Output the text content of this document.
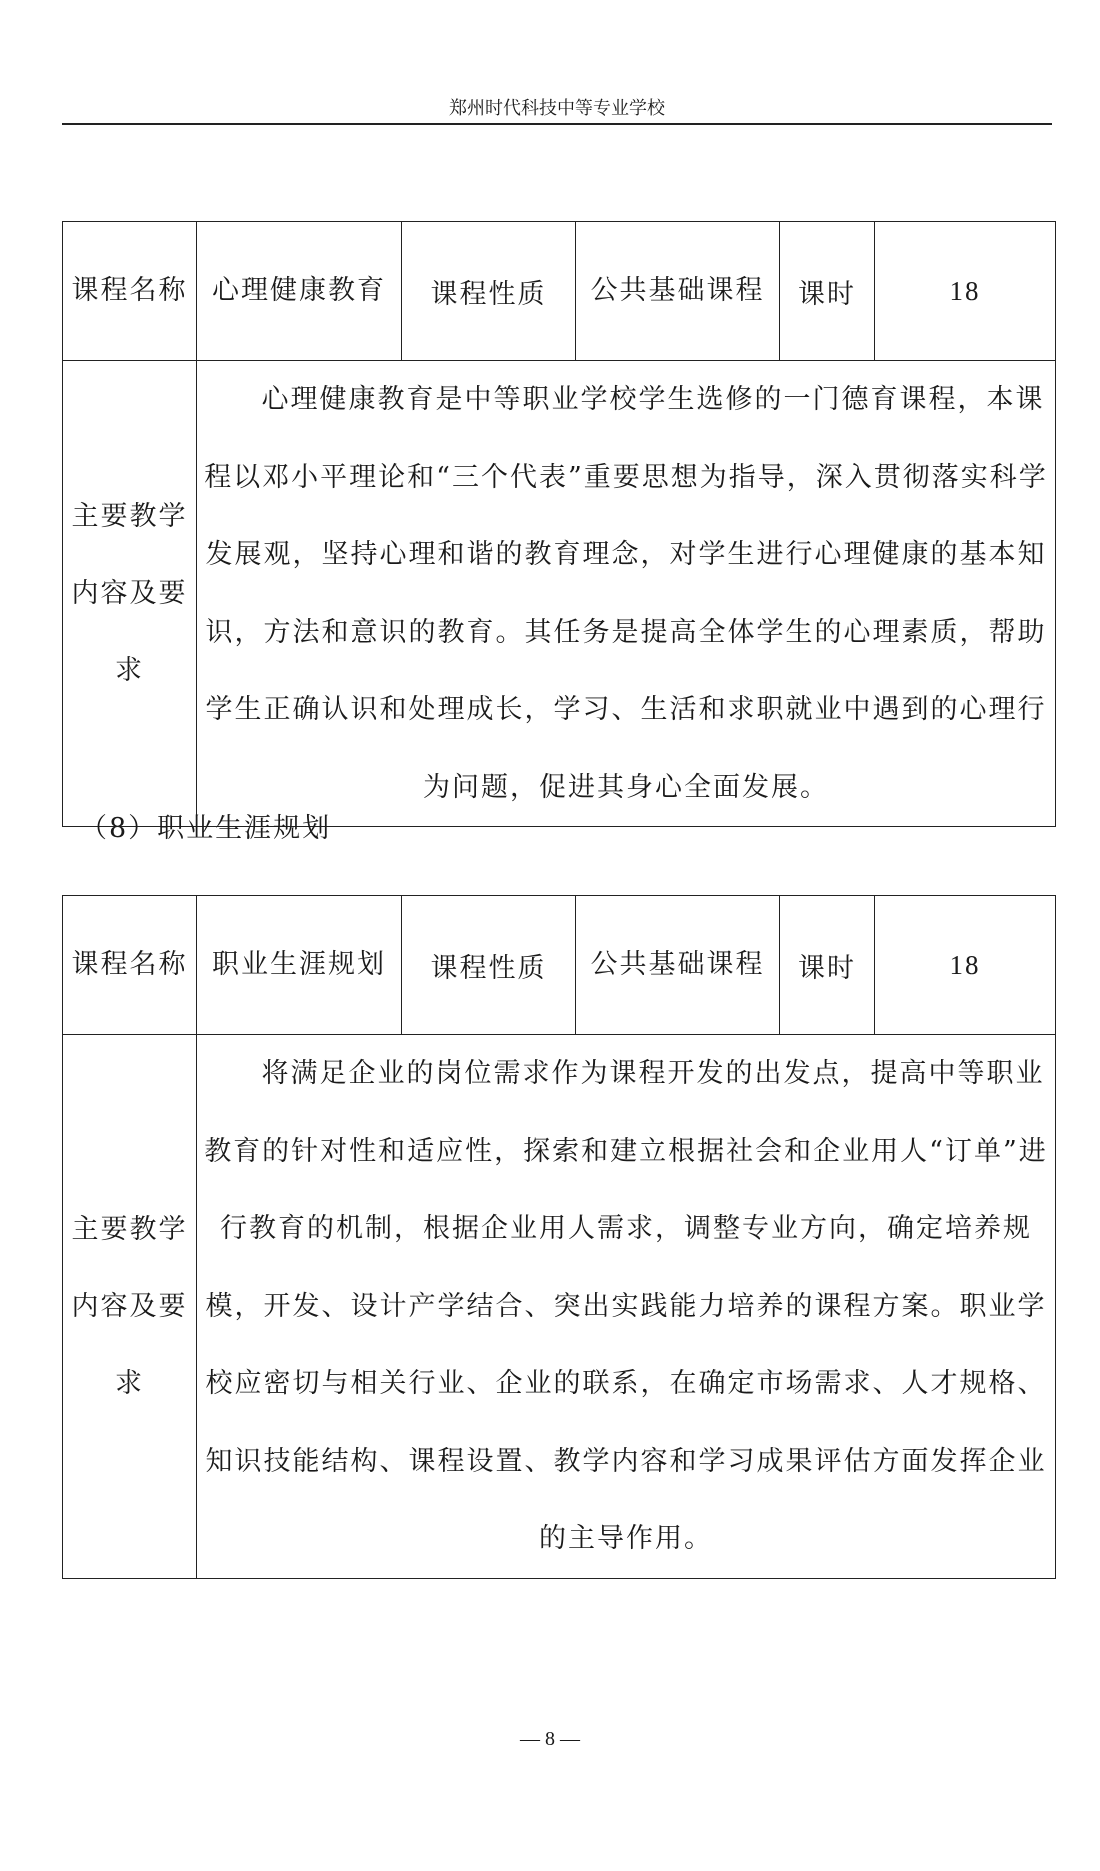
郑州时代科技中等专业学校
课程名称	心理健康教育	课程性质	公共基础课程	课时	18
主要教学内容及要求	心理健康教育是中等职业学校学生选修的一门德育课程，本课程以邓小平理论和“三个代表”重要思想为指导，深入贯彻落实科学发展观，坚持心理和谐的教育理念，对学生进行心理健康的基本知识，方法和意识的教育。其任务是提高全体学生的心理素质，帮助学生正确认识和处理成长，学习、生活和求职就业中遇到的心理行为问题，促进其身心全面发展。				
（8）职业生涯规划
课程名称	职业生涯规划	课程性质	公共基础课程	课时	18
主要教学内容及要求	将满足企业的岗位需求作为课程开发的出发点，提高中等职业教育的针对性和适应性，探索和建立根据社会和企业用人“订单”进行教育的机制，根据企业用人需求，调整专业方向，确定培养规模，开发、设计产学结合、突出实践能力培养的课程方案。职业学校应密切与相关行业、企业的联系，在确定市场需求、人才规格、知识技能结构、课程设置、教学内容和学习成果评估方面发挥企业的主导作用。				
— 8 —
